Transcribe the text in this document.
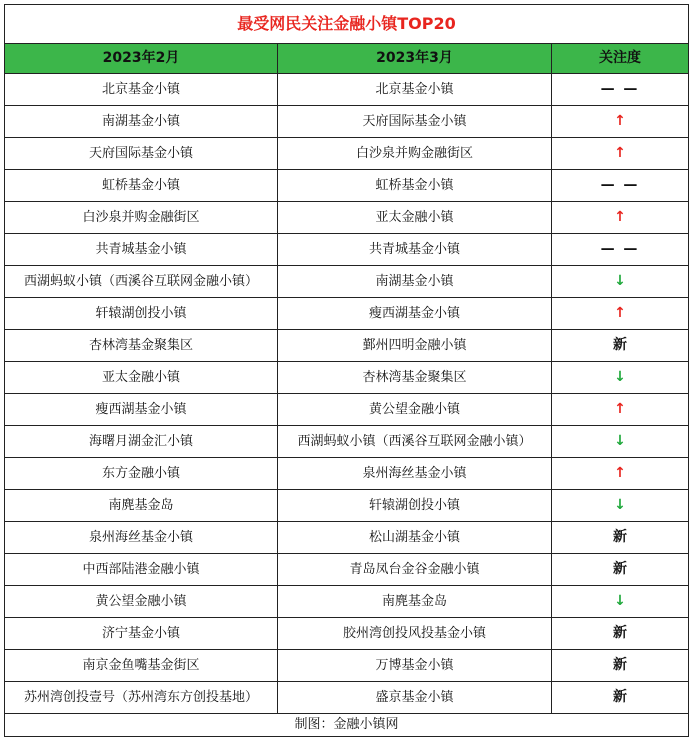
最受网民关注金融小镇TOP20		
2023年2月	2023年3月	关注度
北京基金小镇	北京基金小镇	— —
南湖基金小镇	天府国际基金小镇	↑
天府国际基金小镇	白沙泉并购金融街区	↑
虹桥基金小镇	虹桥基金小镇	— —
白沙泉并购金融街区	亚太金融小镇	↑
共青城基金小镇	共青城基金小镇	— —
西湖蚂蚁小镇（西溪谷互联网金融小镇）	南湖基金小镇	↓
轩辕湖创投小镇	瘦西湖基金小镇	↑
杏林湾基金聚集区	鄞州四明金融小镇	新
亚太金融小镇	杏林湾基金聚集区	↓
瘦西湖基金小镇	黄公望金融小镇	↑
海曙月湖金汇小镇	西湖蚂蚁小镇（西溪谷互联网金融小镇）	↓
东方金融小镇	泉州海丝基金小镇	↑
南麂基金岛	轩辕湖创投小镇	↓
泉州海丝基金小镇	松山湖基金小镇	新
中西部陆港金融小镇	青岛凤台金谷金融小镇	新
黄公望金融小镇	南麂基金岛	↓
济宁基金小镇	胶州湾创投风投基金小镇	新
南京金鱼嘴基金街区	万博基金小镇	新
苏州湾创投壹号（苏州湾东方创投基地）	盛京基金小镇	新
制图：金融小镇网		
